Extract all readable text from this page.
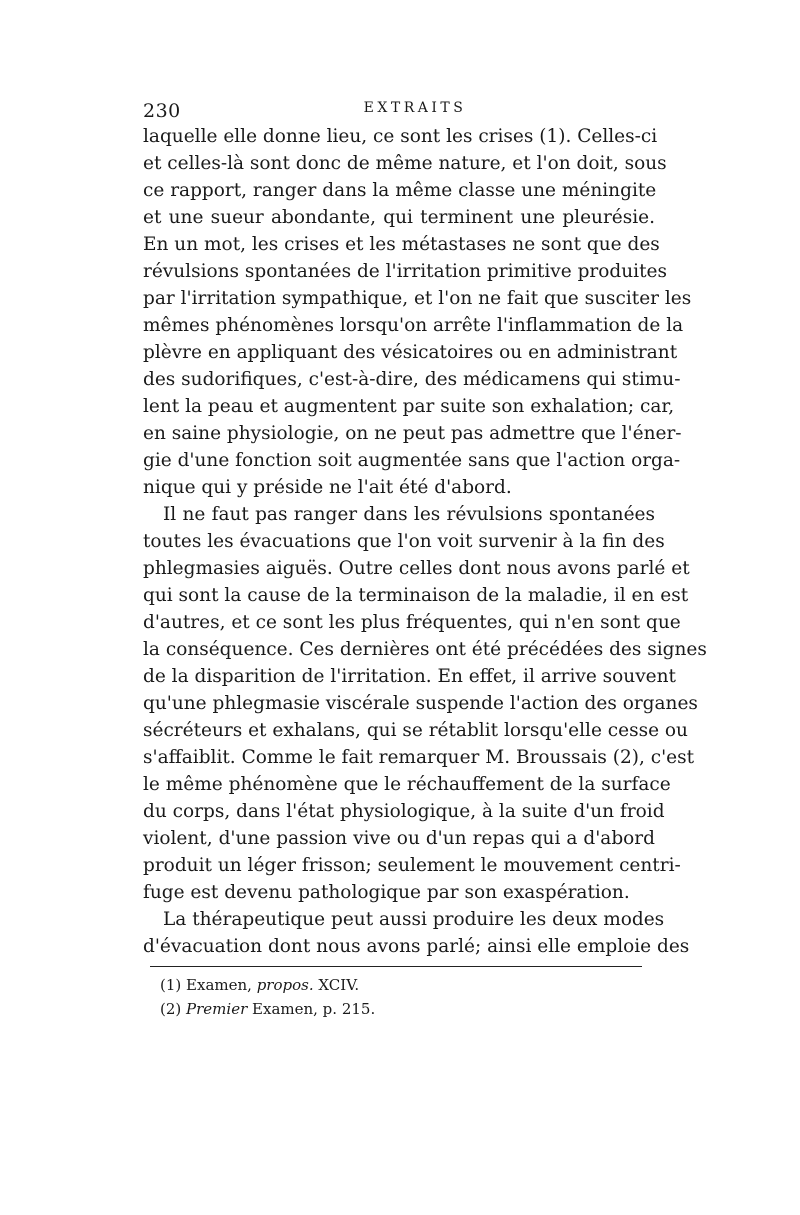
230	EXTRAITS
laquelle elle donne lieu, ce sont les crises (1). Celles-ci
et celles-là sont donc de même nature, et l'on doit, sous
ce rapport, ranger dans la même classe une méningite
et une sueur abondante, qui terminent une pleurésie.
En un mot, les crises et les métastases ne sont que des
révulsions spontanées de l'irritation primitive produites
par l'irritation sympathique, et l'on ne fait que susciter les
mêmes phénomènes lorsqu'on arrête l'inflammation de la
plèvre en appliquant des vésicatoires ou en administrant
des sudorifiques, c'est-à-dire, des médicamens qui stimu-
lent la peau et augmentent par suite son exhalation; car,
en saine physiologie, on ne peut pas admettre que l'éner-
gie d'une fonction soit augmentée sans que l'action orga-
nique qui y préside ne l'ait été d'abord.
Il ne faut pas ranger dans les révulsions spontanées
toutes les évacuations que l'on voit survenir à la fin des
phlegmasies aiguës. Outre celles dont nous avons parlé et
qui sont la cause de la terminaison de la maladie, il en est
d'autres, et ce sont les plus fréquentes, qui n'en sont que
la conséquence. Ces dernières ont été précédées des signes
de la disparition de l'irritation. En effet, il arrive souvent
qu'une phlegmasie viscérale suspende l'action des organes
sécréteurs et exhalans, qui se rétablit lorsqu'elle cesse ou
s'affaiblit. Comme le fait remarquer M. Broussais (2), c'est
le même phénomène que le réchauffement de la surface
du corps, dans l'état physiologique, à la suite d'un froid
violent, d'une passion vive ou d'un repas qui a d'abord
produit un léger frisson; seulement le mouvement centri-
fuge est devenu pathologique par son exaspération.
La thérapeutique peut aussi produire les deux modes
d'évacuation dont nous avons parlé; ainsi elle emploie des
(1) Examen, propos. XCIV.
(2) Premier Examen, p. 215.
